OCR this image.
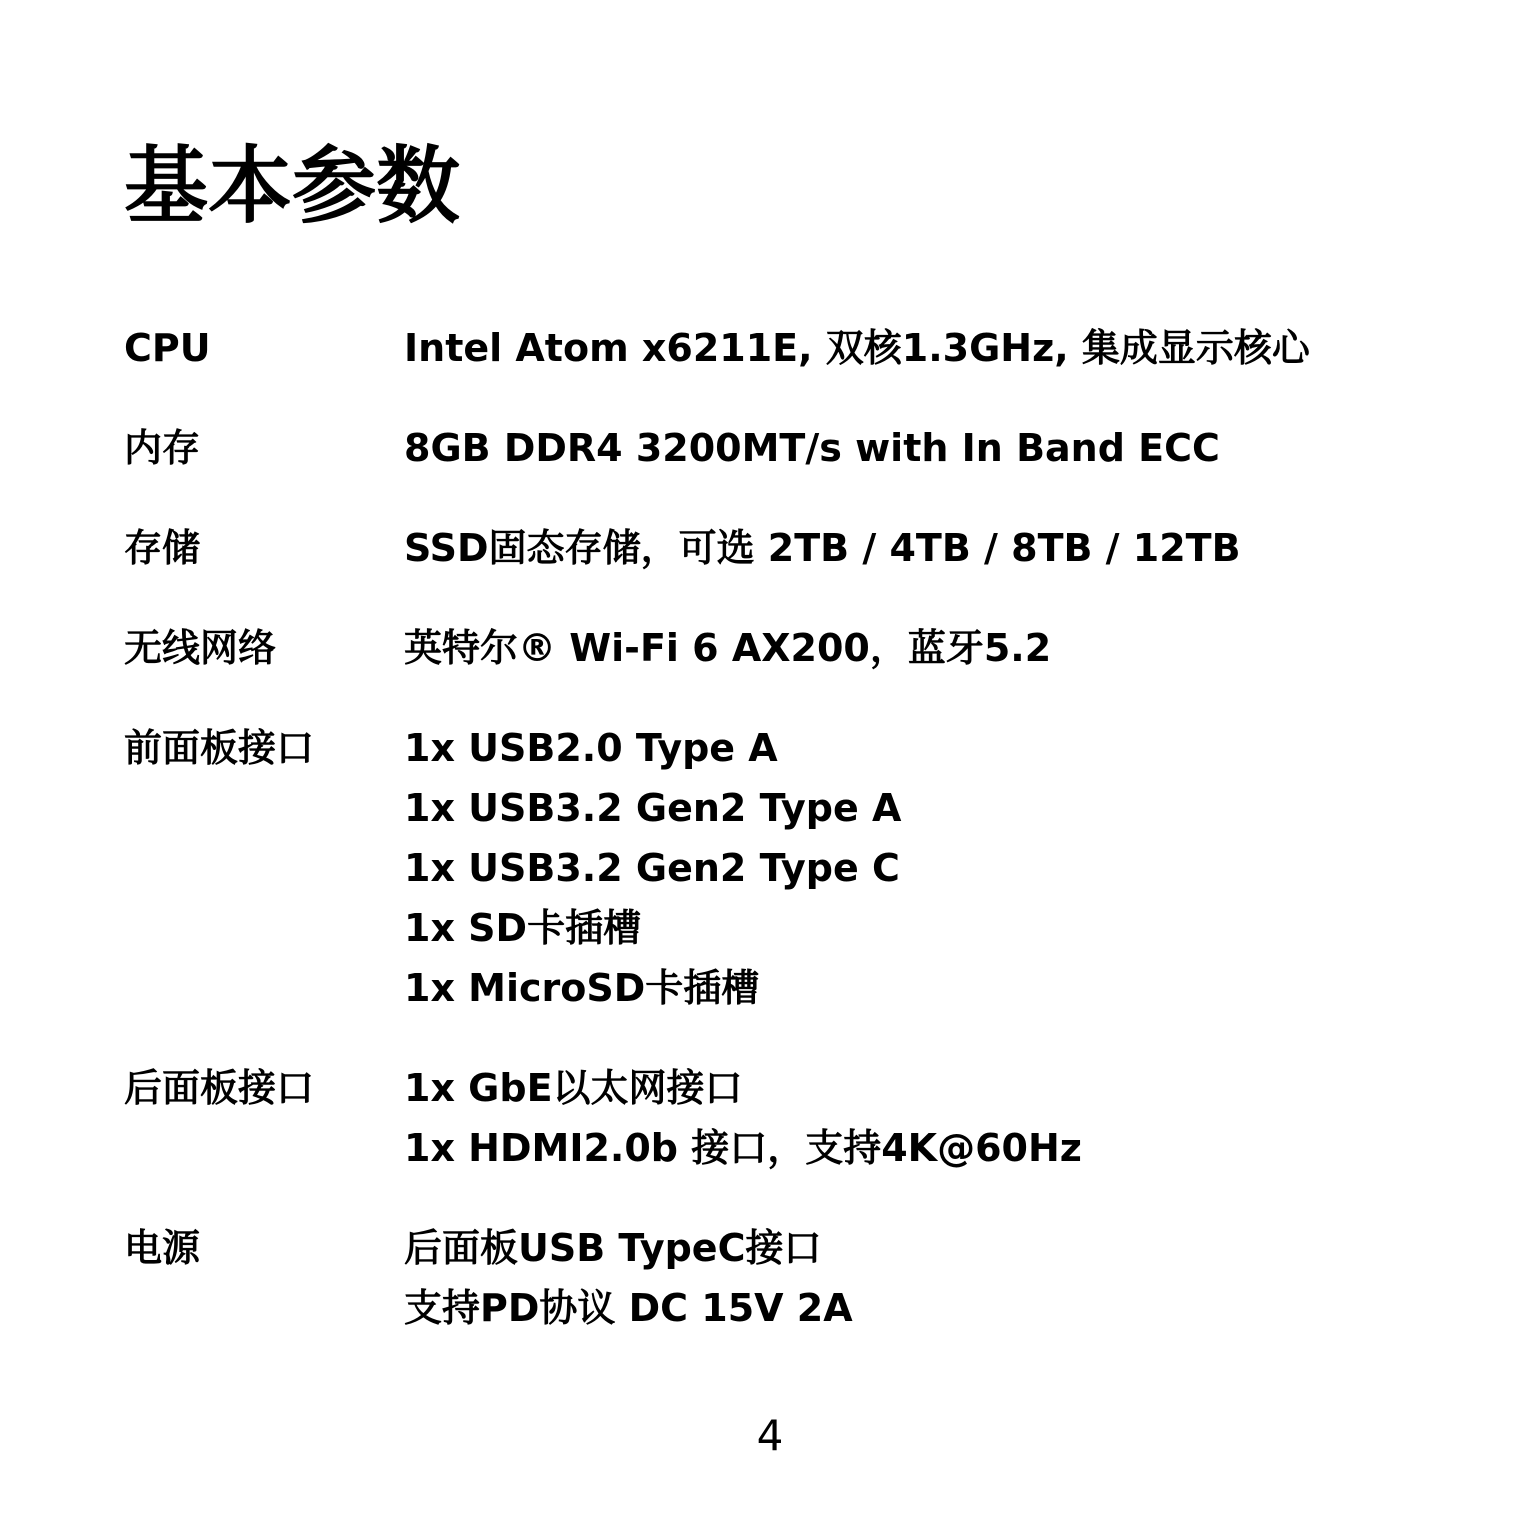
基本参数
CPU	Intel Atom x6211E, 双核1.3GHz, 集成显示核心
内存	8GB DDR4 3200MT/s with In Band ECC
存储	SSD固态存储，可选 2TB / 4TB / 8TB / 12TB
无线网络	英特尔® Wi-Fi 6 AX200，蓝牙5.2
前面板接口	1x USB2.0 Type A
1x USB3.2 Gen2 Type A
1x USB3.2 Gen2 Type C
1x SD卡插槽
1x MicroSD卡插槽
后面板接口	1x GbE以太网接口
1x HDMI2.0b 接口，支持4K@60Hz
电源	后面板USB TypeC接口
支持PD协议 DC 15V 2A
4
